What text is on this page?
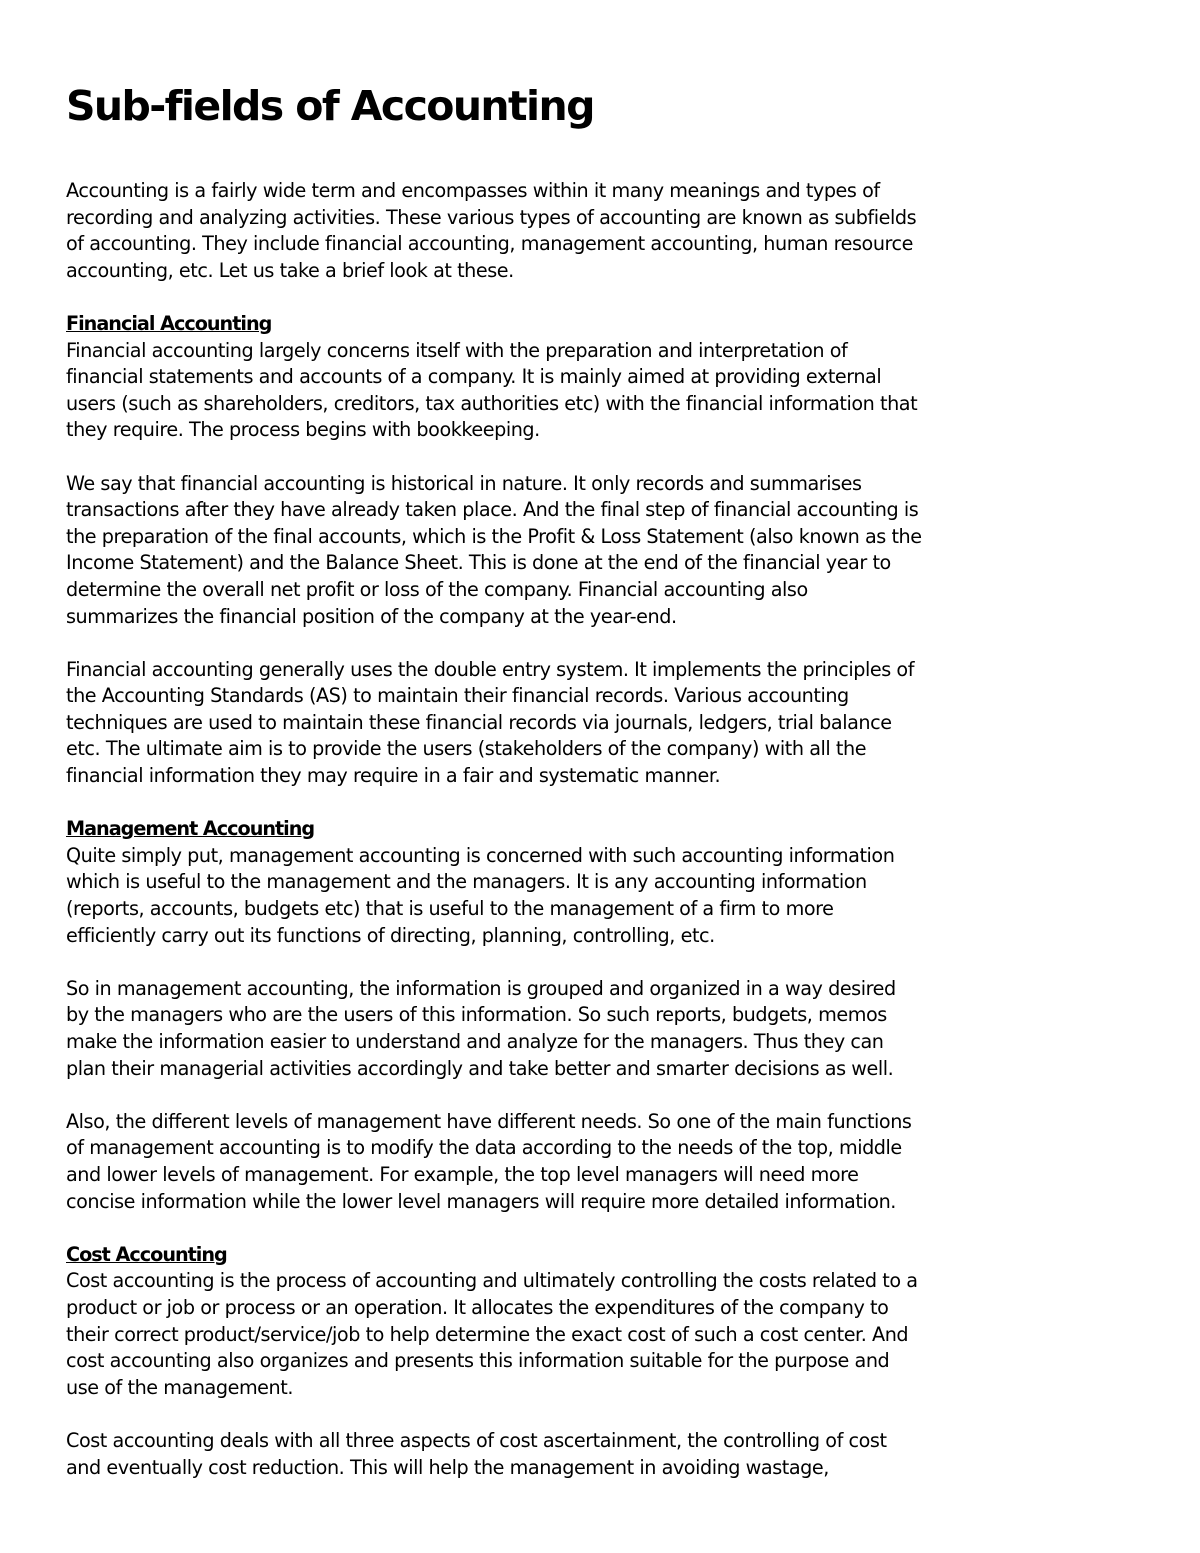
Sub-fields of Accounting

Accounting is a fairly wide term and encompasses within it many meanings and types of
recording and analyzing activities. These various types of accounting are known as subfields
of accounting. They include financial accounting, management accounting, human resource
accounting, etc. Let us take a brief look at these.

Financial Accounting
Financial accounting largely concerns itself with the preparation and interpretation of
financial statements and accounts of a company. It is mainly aimed at providing external
users (such as shareholders, creditors, tax authorities etc) with the financial information that
they require. The process begins with bookkeeping.
We say that financial accounting is historical in nature. It only records and summarises
transactions after they have already taken place. And the final step of financial accounting is
the preparation of the final accounts, which is the Profit & Loss Statement (also known as the
Income Statement) and the Balance Sheet. This is done at the end of the financial year to
determine the overall net profit or loss of the company. Financial accounting also
summarizes the financial position of the company at the year-end.
Financial accounting generally uses the double entry system. It implements the principles of
the Accounting Standards (AS) to maintain their financial records. Various accounting
techniques are used to maintain these financial records via journals, ledgers, trial balance
etc. The ultimate aim is to provide the users (stakeholders of the company) with all the
financial information they may require in a fair and systematic manner.
Management Accounting
Quite simply put, management accounting is concerned with such accounting information
which is useful to the management and the managers. It is any accounting information
(reports, accounts, budgets etc) that is useful to the management of a firm to more
efficiently carry out its functions of directing, planning, controlling, etc.
So in management accounting, the information is grouped and organized in a way desired
by the managers who are the users of this information. So such reports, budgets, memos
make the information easier to understand and analyze for the managers. Thus they can
plan their managerial activities accordingly and take better and smarter decisions as well.
Also, the different levels of management have different needs. So one of the main functions
of management accounting is to modify the data according to the needs of the top, middle
and lower levels of management. For example, the top level managers will need more
concise information while the lower level managers will require more detailed information.
Cost Accounting
Cost accounting is the process of accounting and ultimately controlling the costs related to a
product or job or process or an operation. It allocates the expenditures of the company to
their correct product/service/job to help determine the exact cost of such a cost center. And
cost accounting also organizes and presents this information suitable for the purpose and
use of the management.
Cost accounting deals with all three aspects of cost ascertainment, the controlling of cost
and eventually cost reduction. This will help the management in avoiding wastage,
